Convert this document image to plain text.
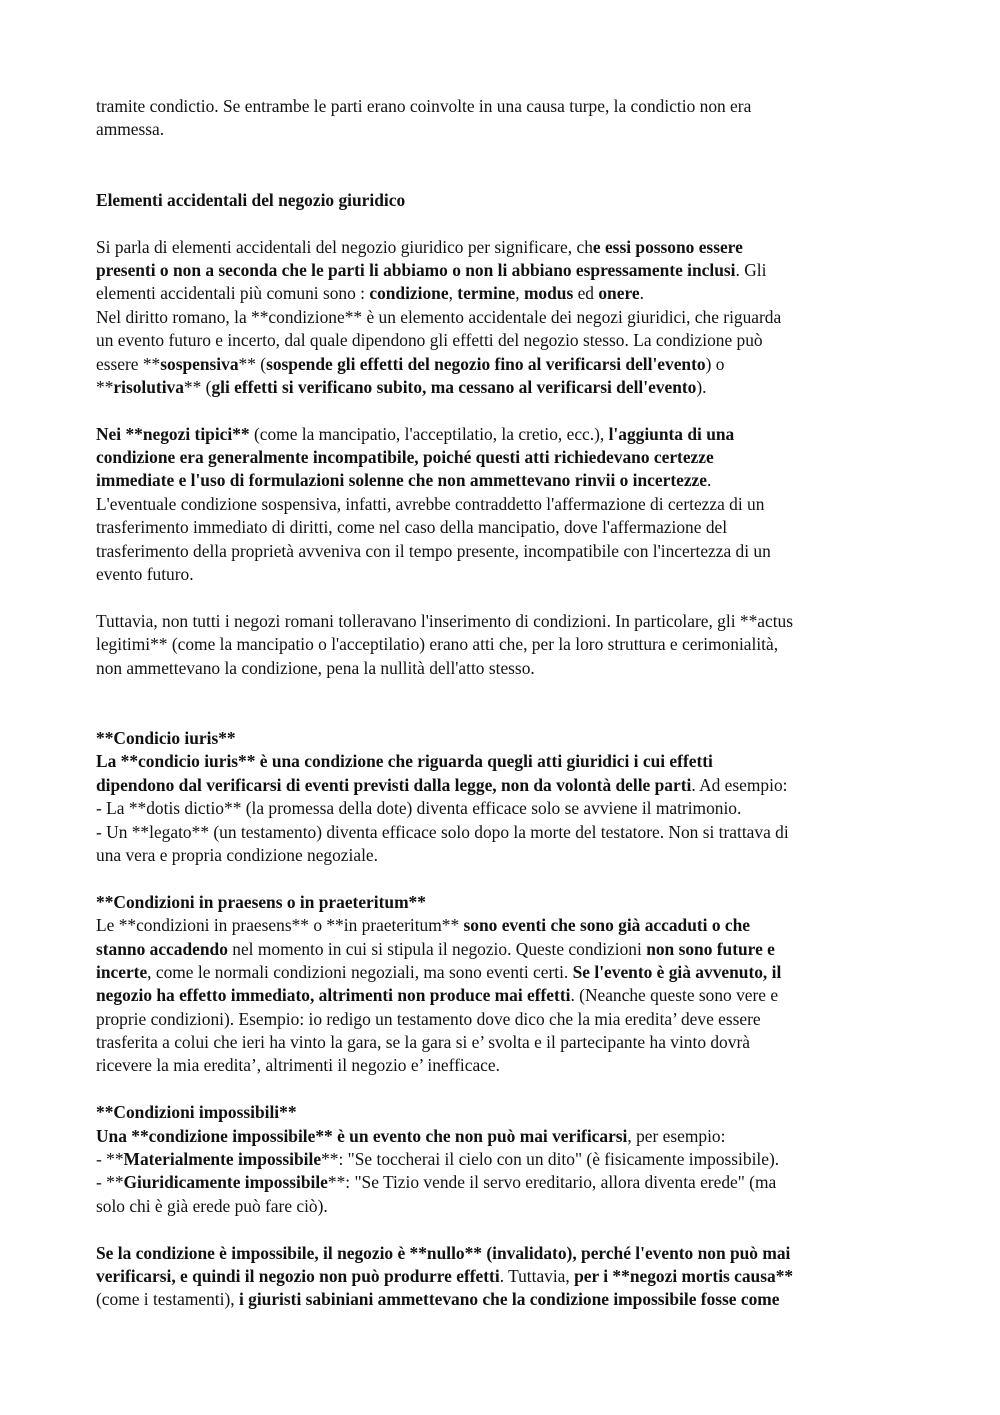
tramite condictio. Se entrambe le parti erano coinvolte in una causa turpe, la condictio non era
ammessa.
Elementi accidentali del negozio giuridico
Si parla di elementi accidentali del negozio giuridico per significare, che essi possono essere
presenti o non a seconda che le parti li abbiamo o non li abbiano espressamente inclusi. Gli
elementi accidentali più comuni sono : condizione, termine, modus ed onere.
Nel diritto romano, la **condizione** è un elemento accidentale dei negozi giuridici, che riguarda
un evento futuro e incerto, dal quale dipendono gli effetti del negozio stesso. La condizione può
essere **sospensiva** (sospende gli effetti del negozio fino al verificarsi dell'evento) o
**risolutiva** (gli effetti si verificano subito, ma cessano al verificarsi dell'evento).
Nei **negozi tipici** (come la mancipatio, l'acceptilatio, la cretio, ecc.), l'aggiunta di una
condizione era generalmente incompatibile, poiché questi atti richiedevano certezze
immediate e l'uso di formulazioni solenne che non ammettevano rinvii o incertezze.
L'eventuale condizione sospensiva, infatti, avrebbe contraddetto l'affermazione di certezza di un
trasferimento immediato di diritti, come nel caso della mancipatio, dove l'affermazione del
trasferimento della proprietà avveniva con il tempo presente, incompatibile con l'incertezza di un
evento futuro.
Tuttavia, non tutti i negozi romani tolleravano l'inserimento di condizioni. In particolare, gli **actus
legitimi** (come la mancipatio o l'acceptilatio) erano atti che, per la loro struttura e cerimonialità,
non ammettevano la condizione, pena la nullità dell'atto stesso.
**Condicio iuris**
La **condicio iuris** è una condizione che riguarda quegli atti giuridici i cui effetti
dipendono dal verificarsi di eventi previsti dalla legge, non da volontà delle parti. Ad esempio:
- La **dotis dictio** (la promessa della dote) diventa efficace solo se avviene il matrimonio.
- Un **legato** (un testamento) diventa efficace solo dopo la morte del testatore. Non si trattava di
una vera e propria condizione negoziale.
**Condizioni in praesens o in praeteritum**
Le **condizioni in praesens** o **in praeteritum** sono eventi che sono già accaduti o che
stanno accadendo nel momento in cui si stipula il negozio. Queste condizioni non sono future e
incerte, come le normali condizioni negoziali, ma sono eventi certi. Se l'evento è già avvenuto, il
negozio ha effetto immediato, altrimenti non produce mai effetti. (Neanche queste sono vere e
proprie condizioni). Esempio: io redigo un testamento dove dico che la mia eredita’ deve essere
trasferita a colui che ieri ha vinto la gara, se la gara si e’ svolta e il partecipante ha vinto dovrà
ricevere la mia eredita’, altrimenti il negozio e’ inefficace.
**Condizioni impossibili**
Una **condizione impossibile** è un evento che non può mai verificarsi, per esempio:
- **Materialmente impossibile**: "Se toccherai il cielo con un dito" (è fisicamente impossibile).
- **Giuridicamente impossibile**: "Se Tizio vende il servo ereditario, allora diventa erede" (ma
solo chi è già erede può fare ciò).
Se la condizione è impossibile, il negozio è **nullo** (invalidato), perché l'evento non può mai
verificarsi, e quindi il negozio non può produrre effetti. Tuttavia, per i **negozi mortis causa**
(come i testamenti), i giuristi sabiniani ammettevano che la condizione impossibile fosse come
